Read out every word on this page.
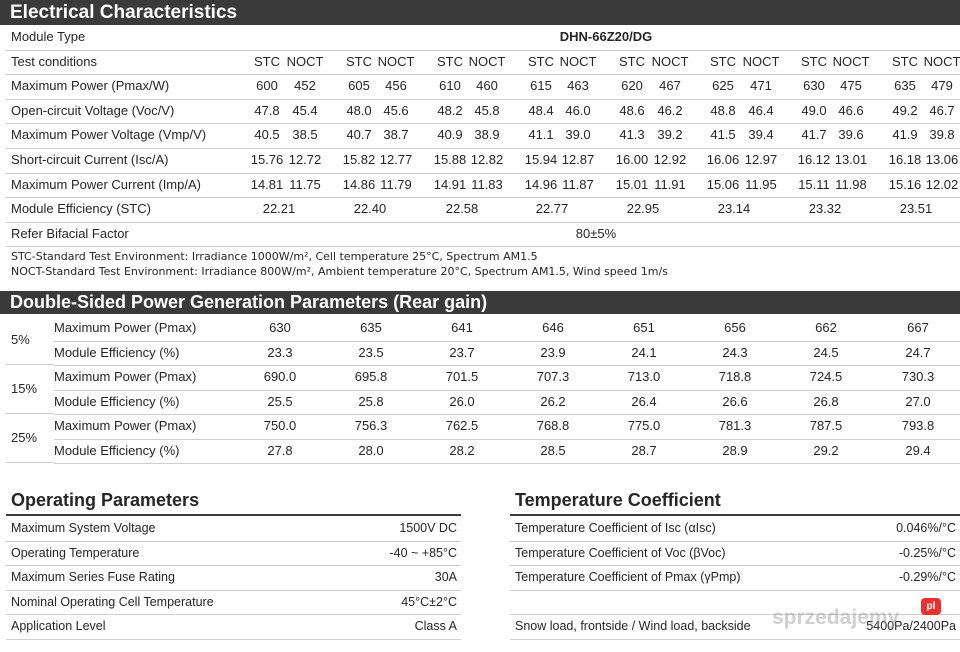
Electrical Characteristics
Module Type	DHN-66Z20/DG
Test conditions	STC NOCT	STC NOCT	STC NOCT	STC NOCT	STC NOCT	STC NOCT	STC NOCT	STC NOCT
Maximum Power (Pmax/W)	600	452	605	456	610	460	615	463	620	467	625	471	630	475	635	479
Open-circuit Voltage (Voc/V)	47.8 45.4	48.0 45.6	48.2 45.8	48.4 46.0	48.6 46.2	48.8 46.4	49.0 46.6	49.2 46.7
Maximum Power Voltage (Vmp/V)	40.5 38.5	40.7 38.7	40.9 38.9	41.1 39.0	41.3 39.2	41.5 39.4	41.7 39.6	41.9 39.8
Short-circuit Current (Isc/A)	15.76 12.72	15.82 12.77	15.88 12.82	15.94 12.87	16.00 12.92	16.06 12.97	16.12 13.01	16.18 13.06
Maximum Power Current (Imp/A)	14.81 11.75	14.86 11.79	14.91 11.83	14.96 11.87	15.01 11.91	15.06 11.95	15.11 11.98	15.16 12.02
Module Efficiency (STC)	22.21	22.40	22.58	22.77	22.95	23.14	23.32	23.51
Refer Bifacial Factor	80±5%
STC-Standard Test Environment: Irradiance 1000W/m², Cell temperature 25°C, Spectrum AM1.5
NOCT-Standard Test Environment: Irradiance 800W/m², Ambient temperature 20°C, Spectrum AM1.5, Wind speed 1m/s
Double-Sided Power Generation Parameters (Rear gain)
5%
Maximum Power (Pmax)	630	635	641	646	651	656	662	667
Module Efficiency (%)	23.3	23.5	23.7	23.9	24.1	24.3	24.5	24.7
15%
Maximum Power (Pmax)	690.0	695.8	701.5	707.3	713.0	718.8	724.5	730.3
Module Efficiency (%)	25.5	25.8	26.0	26.2	26.4	26.6	26.8	27.0
25%
Maximum Power (Pmax)	750.0	756.3	762.5	768.8	775.0	781.3	787.5	793.8
Module Efficiency (%)	27.8	28.0	28.2	28.5	28.7	28.9	29.2	29.4
Operating Parameters
Maximum System Voltage	1500V DC
Operating Temperature	-40 ~ +85°C
Maximum Series Fuse Rating	30A
Nominal Operating Cell Temperature	45°C±2°C
Application Level	Class A
Temperature Coefficient
Temperature Coefficient of Isc (αIsc)	0.046%/°C
Temperature Coefficient of Voc (βVoc)	-0.25%/°C
Temperature Coefficient of Pmax (γPmp)	-0.29%/°C
Snow load, frontside / Wind load, backside	5400Pa/2400Pa
sprzedajemy	pl
